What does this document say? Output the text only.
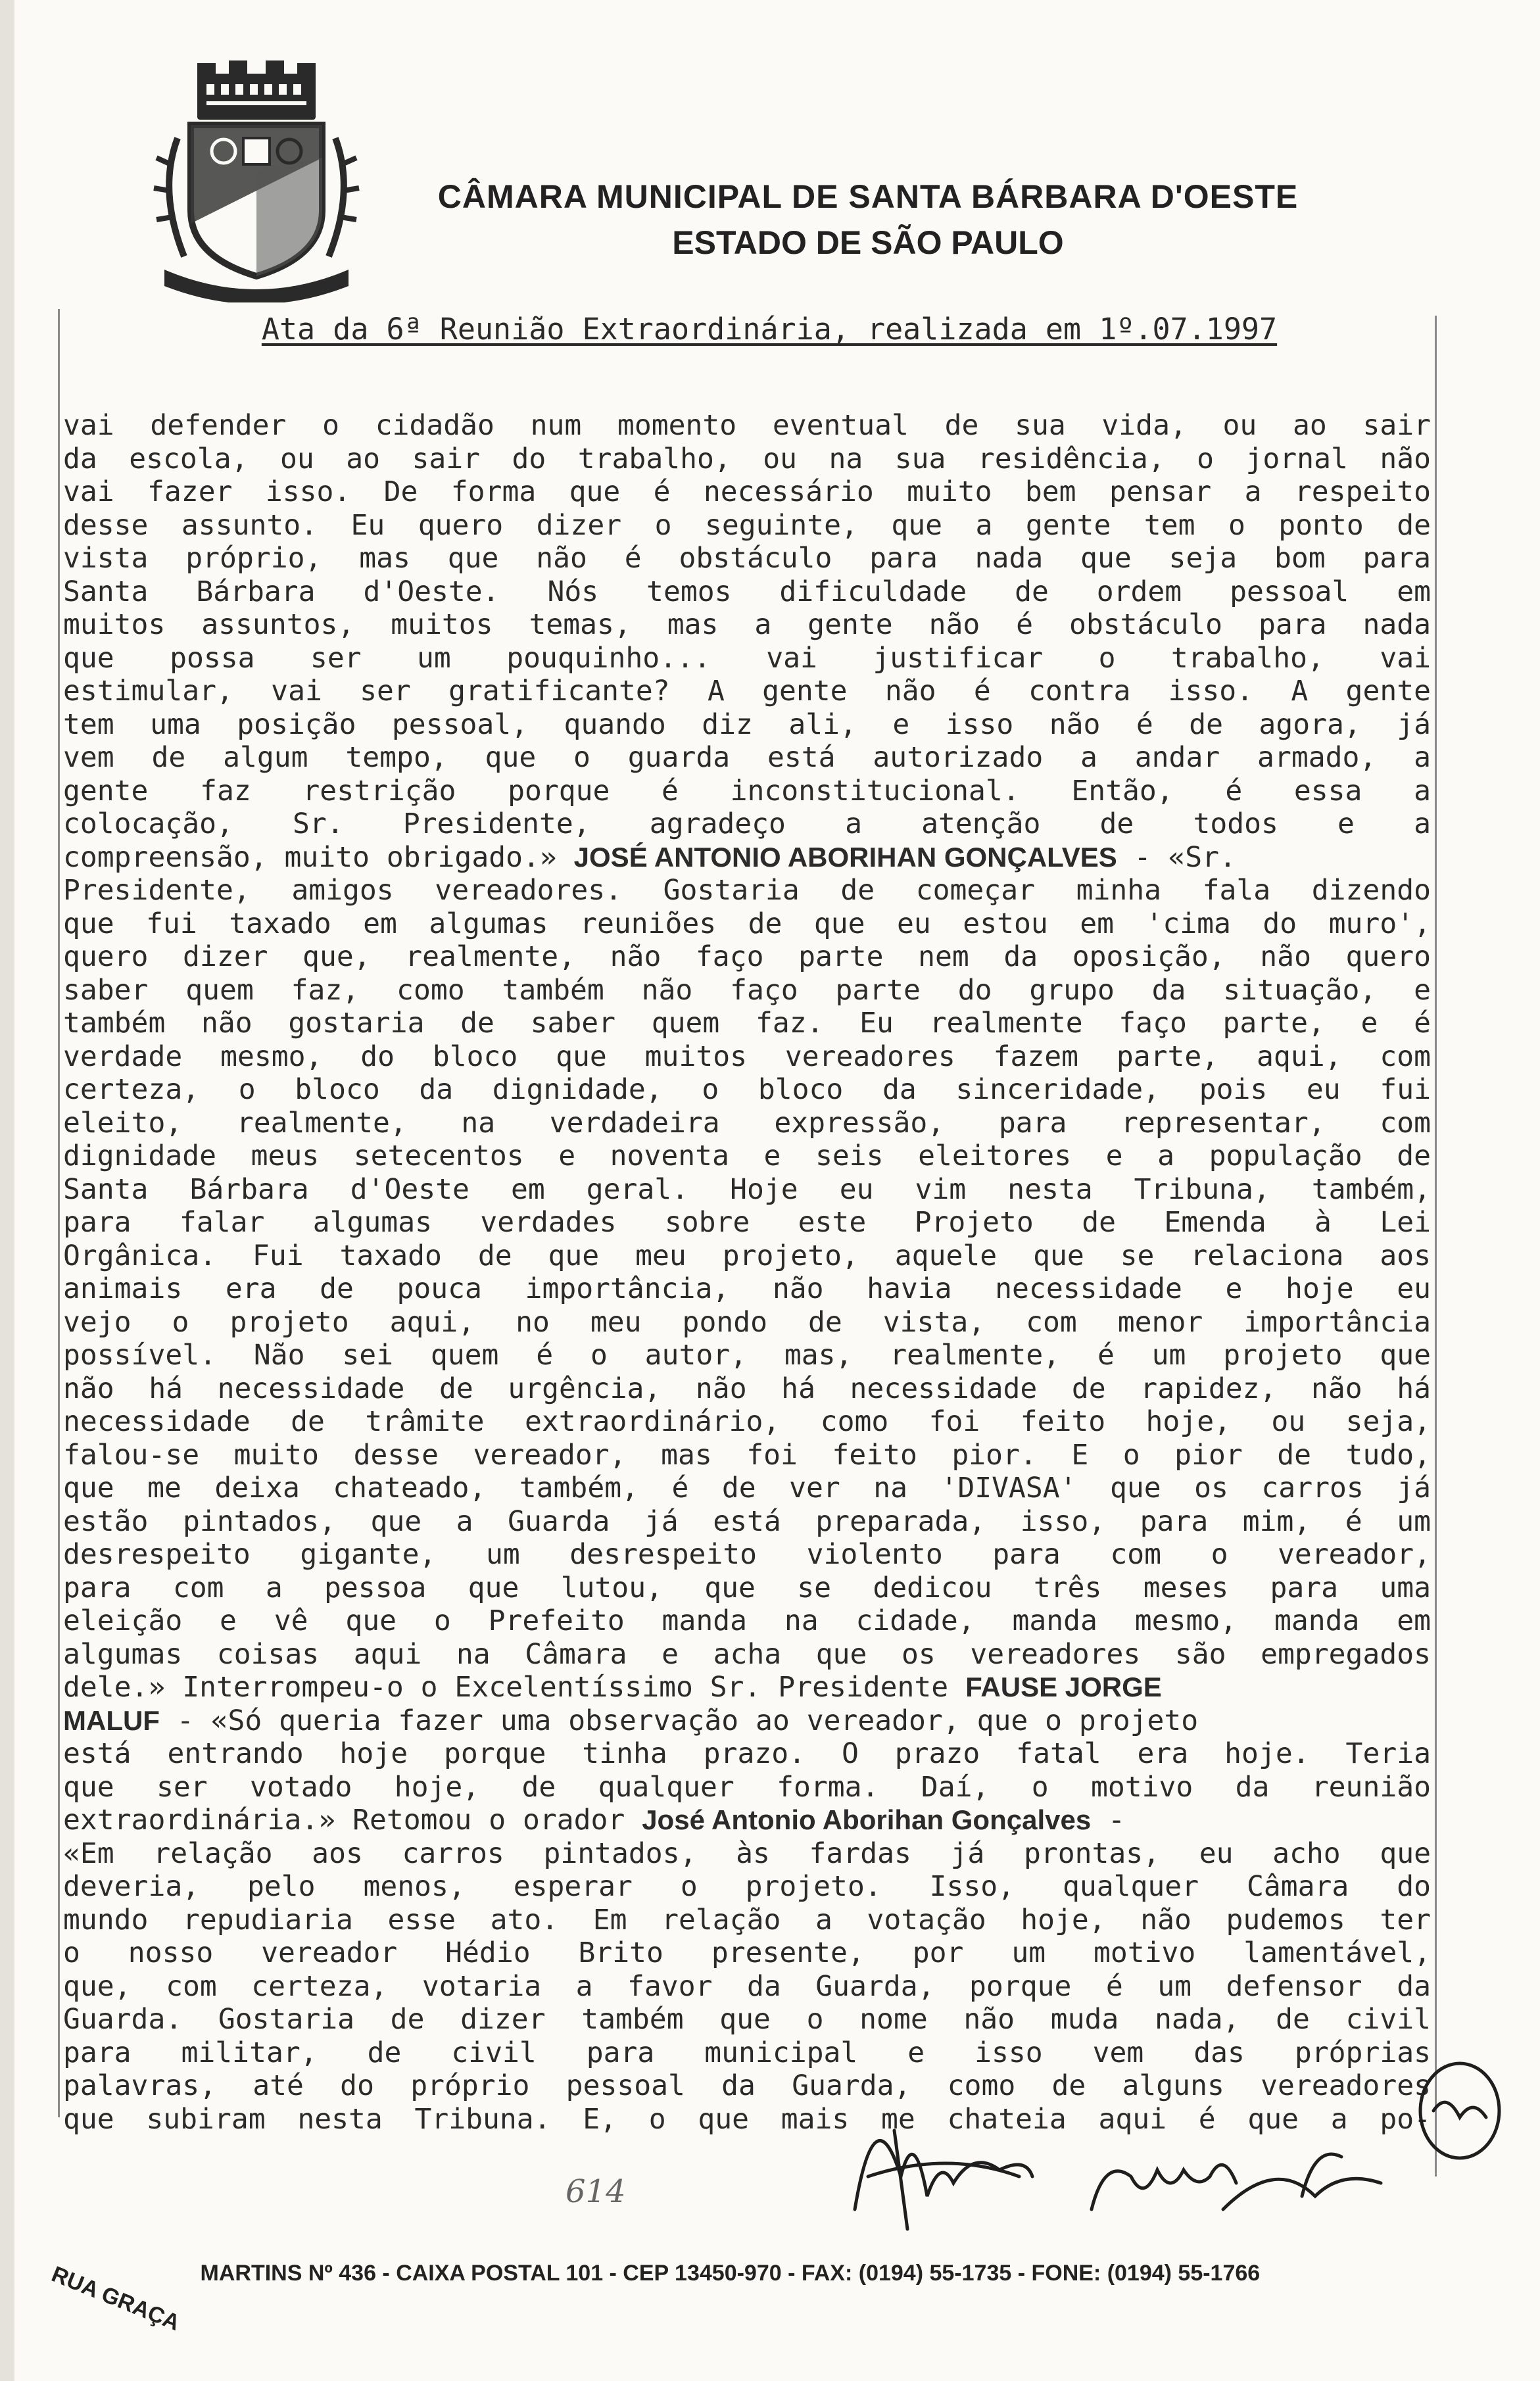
CÂMARA MUNICIPAL DE SANTA BÁRBARA D'OESTE
ESTADO DE SÃO PAULO
Ata da 6ª Reunião Extraordinária, realizada em 1º.07.1997
vai defender o cidadão num momento eventual de sua vida, ou ao sair
da escola, ou ao sair do trabalho, ou na sua residência, o jornal não
vai fazer isso. De forma que é necessário muito bem pensar a respeito
desse assunto. Eu quero dizer o seguinte, que a gente tem o ponto de
vista próprio, mas que não é obstáculo para nada que seja bom para
Santa Bárbara d'Oeste. Nós temos dificuldade de ordem pessoal em
muitos assuntos, muitos temas, mas a gente não é obstáculo para nada
que possa ser um pouquinho... vai justificar o trabalho, vai
estimular, vai ser gratificante? A gente não é contra isso. A gente
tem uma posição pessoal, quando diz ali, e isso não é de agora, já
vem de algum tempo, que o guarda está autorizado a andar armado, a
gente faz restrição porque é inconstitucional. Então, é essa a
colocação, Sr. Presidente, agradeço a atenção de todos e a
compreensão, muito obrigado.» JOSÉ ANTONIO ABORIHAN GONÇALVES - «Sr.
Presidente, amigos vereadores. Gostaria de começar minha fala dizendo
que fui taxado em algumas reuniões de que eu estou em 'cima do muro',
quero dizer que, realmente, não faço parte nem da oposição, não quero
saber quem faz, como também não faço parte do grupo da situação, e
também não gostaria de saber quem faz. Eu realmente faço parte, e é
verdade mesmo, do bloco que muitos vereadores fazem parte, aqui, com
certeza, o bloco da dignidade, o bloco da sinceridade, pois eu fui
eleito, realmente, na verdadeira expressão, para representar, com
dignidade meus setecentos e noventa e seis eleitores e a população de
Santa Bárbara d'Oeste em geral. Hoje eu vim nesta Tribuna, também,
para falar algumas verdades sobre este Projeto de Emenda à Lei
Orgânica. Fui taxado de que meu projeto, aquele que se relaciona aos
animais era de pouca importância, não havia necessidade e hoje eu
vejo o projeto aqui, no meu pondo de vista, com menor importância
possível. Não sei quem é o autor, mas, realmente, é um projeto que
não há necessidade de urgência, não há necessidade de rapidez, não há
necessidade de trâmite extraordinário, como foi feito hoje, ou seja,
falou-se muito desse vereador, mas foi feito pior. E o pior de tudo,
que me deixa chateado, também, é de ver na 'DIVASA' que os carros já
estão pintados, que a Guarda já está preparada, isso, para mim, é um
desrespeito gigante, um desrespeito violento para com o vereador,
para com a pessoa que lutou, que se dedicou três meses para uma
eleição e vê que o Prefeito manda na cidade, manda mesmo, manda em
algumas coisas aqui na Câmara e acha que os vereadores são empregados
dele.» Interrompeu-o o Excelentíssimo Sr. Presidente FAUSE JORGE
MALUF - «Só queria fazer uma observação ao vereador, que o projeto
está entrando hoje porque tinha prazo. O prazo fatal era hoje. Teria
que ser votado hoje, de qualquer forma. Daí, o motivo da reunião
extraordinária.» Retomou o orador José Antonio Aborihan Gonçalves -
«Em relação aos carros pintados, às fardas já prontas, eu acho que
deveria, pelo menos, esperar o projeto. Isso, qualquer Câmara do
mundo repudiaria esse ato. Em relação a votação hoje, não pudemos ter
o nosso vereador Hédio Brito presente, por um motivo lamentável,
que, com certeza, votaria a favor da Guarda, porque é um defensor da
Guarda. Gostaria de dizer também que o nome não muda nada, de civil
para militar, de civil para municipal e isso vem das próprias
palavras, até do próprio pessoal da Guarda, como de alguns vereadores
que subiram nesta Tribuna. E, o que mais me chateia aqui é que a po-
614
RUA GRAÇA MARTINS Nº 436 - CAIXA POSTAL 101 - CEP 13450-970 - FAX: (0194) 55-1735 - FONE: (0194) 55-1766
